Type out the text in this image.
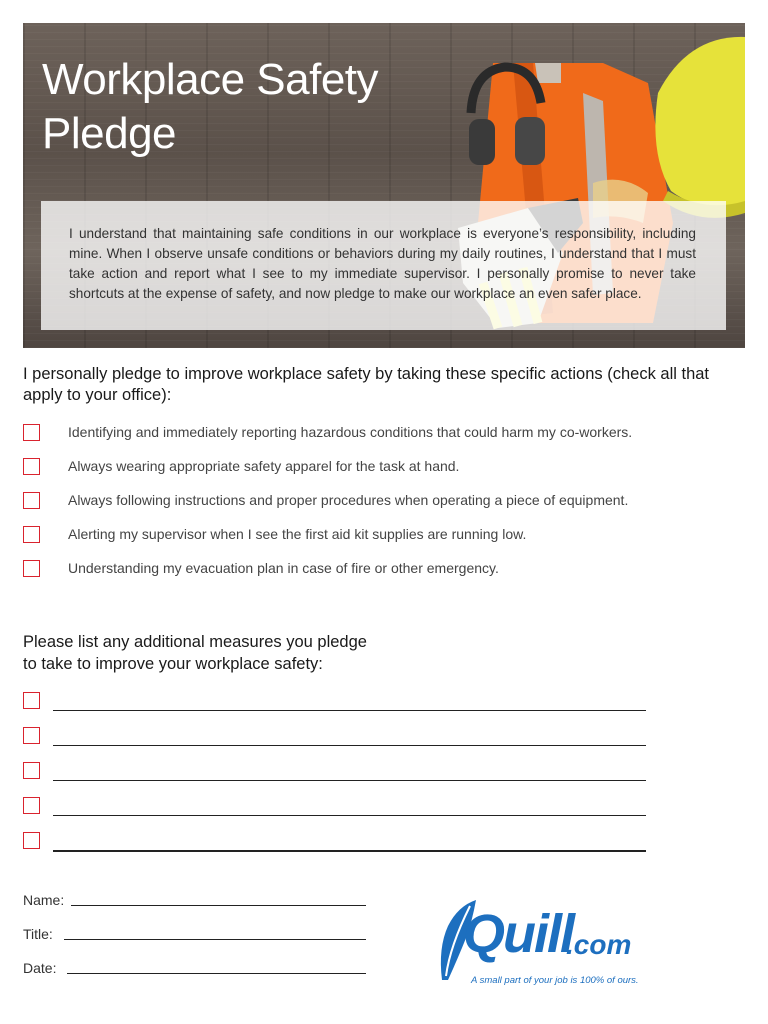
Workplace Safety
Pledge

I understand that maintaining safe conditions in our workplace is everyone’s responsibility, including mine. When I observe unsafe conditions or behaviors during my daily routines, I understand that I must take action and report what I see to my immediate supervisor. I personally promise to never take shortcuts at the expense of safety, and now pledge to make our workplace an even safer place.

I personally pledge to improve workplace safety by taking these specific actions (check all that apply to your office):
Identifying and immediately reporting hazardous conditions that could harm my co-workers.
Always wearing appropriate safety apparel for the task at hand.
Always following instructions and proper procedures when operating a piece of equipment.
Alerting my supervisor when I see the first aid kit supplies are running low.
Understanding my evacuation plan in case of fire or other emergency.
Please list any additional measures you pledge
to take to improve your workplace safety:
Name:
Title:
Date:
Quill
.com
A small part of your job is 100% of ours.
